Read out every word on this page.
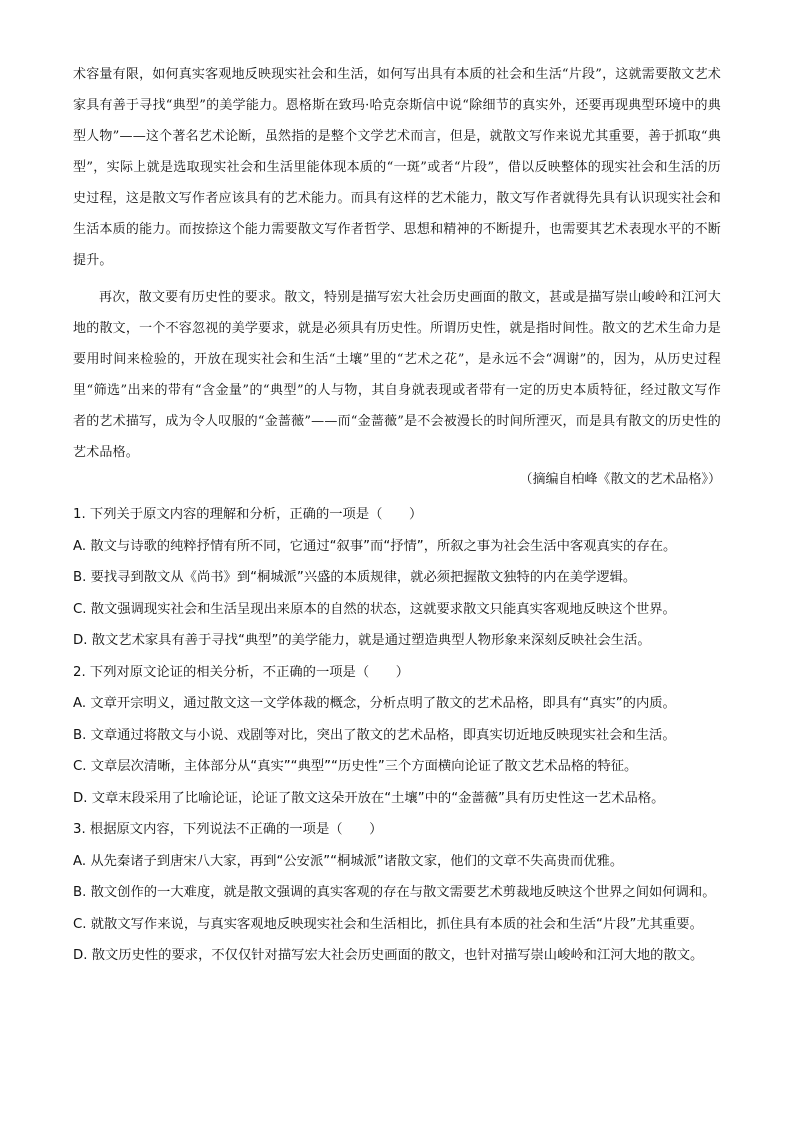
术容量有限，如何真实客观地反映现实社会和生活，如何写出具有本质的社会和生活“片段”，这就需要散文艺术家具有善于寻找“典型”的美学能力。恩格斯在致玛·哈克奈斯信中说“除细节的真实外，还要再现典型环境中的典型人物”——这个著名艺术论断，虽然指的是整个文学艺术而言，但是，就散文写作来说尤其重要，善于抓取“典型”，实际上就是选取现实社会和生活里能体现本质的“一斑”或者“片段”，借以反映整体的现实社会和生活的历史过程，这是散文写作者应该具有的艺术能力。而具有这样的艺术能力，散文写作者就得先具有认识现实社会和生活本质的能力。而按捺这个能力需要散文写作者哲学、思想和精神的不断提升，也需要其艺术表现水平的不断提升。

再次，散文要有历史性的要求。散文，特别是描写宏大社会历史画面的散文，甚或是描写崇山峻岭和江河大地的散文，一个不容忽视的美学要求，就是必须具有历史性。所谓历史性，就是指时间性。散文的艺术生命力是要用时间来检验的，开放在现实社会和生活“土壤”里的“艺术之花”，是永远不会“凋谢”的，因为，从历史过程里“筛选”出来的带有“含金量”的“典型”的人与物，其自身就表现或者带有一定的历史本质特征，经过散文写作者的艺术描写，成为令人叹服的“金蔷薇”——而“金蔷薇”是不会被漫长的时间所湮灭，而是具有散文的历史性的艺术品格。

（摘编自柏峰《散文的艺术品格》）
1. 下列关于原文内容的理解和分析，正确的一项是（　　）
A. 散文与诗歌的纯粹抒情有所不同，它通过“叙事”而“抒情”，所叙之事为社会生活中客观真实的存在。
B. 要找寻到散文从《尚书》到“桐城派”兴盛的本质规律，就必须把握散文独特的内在美学逻辑。
C. 散文强调现实社会和生活呈现出来原本的自然的状态，这就要求散文只能真实客观地反映这个世界。
D. 散文艺术家具有善于寻找“典型”的美学能力，就是通过塑造典型人物形象来深刻反映社会生活。
2. 下列对原文论证的相关分析，不正确的一项是（　　）
A. 文章开宗明义，通过散文这一文学体裁的概念，分析点明了散文的艺术品格，即具有“真实”的内质。
B. 文章通过将散文与小说、戏剧等对比，突出了散文的艺术品格，即真实切近地反映现实社会和生活。
C. 文章层次清晰，主体部分从“真实”“典型”“历史性”三个方面横向论证了散文艺术品格的特征。
D. 文章末段采用了比喻论证，论证了散文这朵开放在“土壤”中的“金蔷薇”具有历史性这一艺术品格。
3. 根据原文内容，下列说法不正确的一项是（　　）
A. 从先秦诸子到唐宋八大家，再到“公安派”“桐城派”诸散文家，他们的文章不失高贵而优雅。
B. 散文创作的一大难度，就是散文强调的真实客观的存在与散文需要艺术剪裁地反映这个世界之间如何调和。
C. 就散文写作来说，与真实客观地反映现实社会和生活相比，抓住具有本质的社会和生活“片段”尤其重要。
D. 散文历史性的要求，不仅仅针对描写宏大社会历史画面的散文，也针对描写崇山峻岭和江河大地的散文。
